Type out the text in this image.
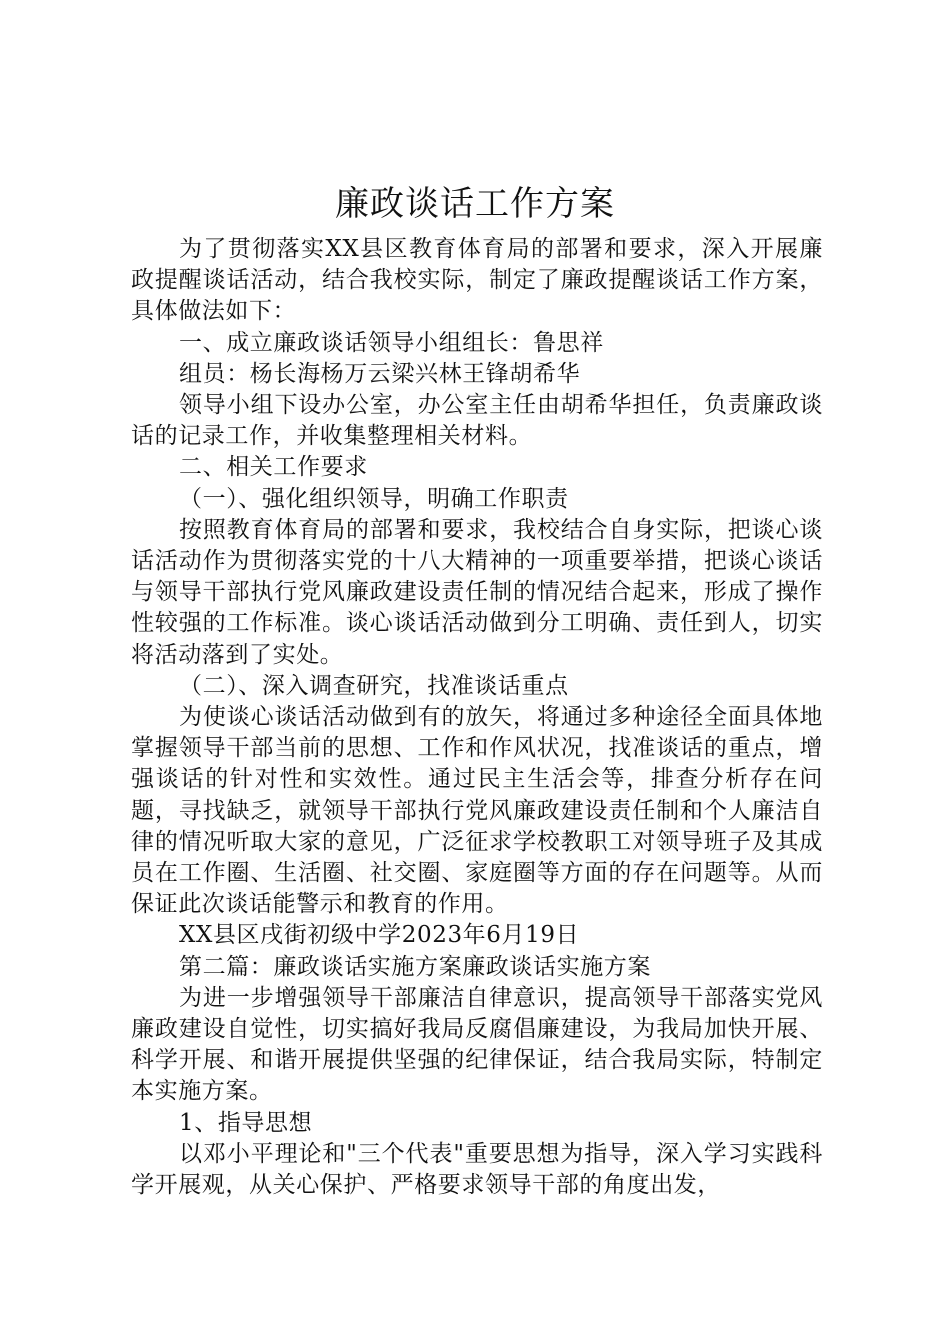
廉政谈话工作方案

为了贯彻落实XX县区教育体育局的部署和要求，深入开展廉政提醒谈话活动，结合我校实际，制定了廉政提醒谈话工作方案，具体做法如下：

一、成立廉政谈话领导小组组长：鲁思祥

组员：杨长海杨万云梁兴林王锋胡希华

领导小组下设办公室，办公室主任由胡希华担任，负责廉政谈话的记录工作，并收集整理相关材料。

二、相关工作要求

（一）、强化组织领导，明确工作职责

按照教育体育局的部署和要求，我校结合自身实际，把谈心谈话活动作为贯彻落实党的十八大精神的一项重要举措，把谈心谈话与领导干部执行党风廉政建设责任制的情况结合起来，形成了操作性较强的工作标准。谈心谈话活动做到分工明确、责任到人，切实将活动落到了实处。

（二）、深入调查研究，找准谈话重点

为使谈心谈话活动做到有的放矢，将通过多种途径全面具体地掌握领导干部当前的思想、工作和作风状况，找准谈话的重点，增强谈话的针对性和实效性。通过民主生活会等，排查分析存在问题，寻找缺乏，就领导干部执行党风廉政建设责任制和个人廉洁自律的情况听取大家的意见，广泛征求学校教职工对领导班子及其成员在工作圈、生活圈、社交圈、家庭圈等方面的存在问题等。从而保证此次谈话能警示和教育的作用。

XX县区戌街初级中学2023年6月19日

第二篇：廉政谈话实施方案廉政谈话实施方案

为进一步增强领导干部廉洁自律意识，提高领导干部落实党风廉政建设自觉性，切实搞好我局反腐倡廉建设，为我局加快开展、科学开展、和谐开展提供坚强的纪律保证，结合我局实际，特制定本实施方案。

1、指导思想

以邓小平理论和"三个代表"重要思想为指导，深入学习实践科学开展观，从关心保护、严格要求领导干部的角度出发，
